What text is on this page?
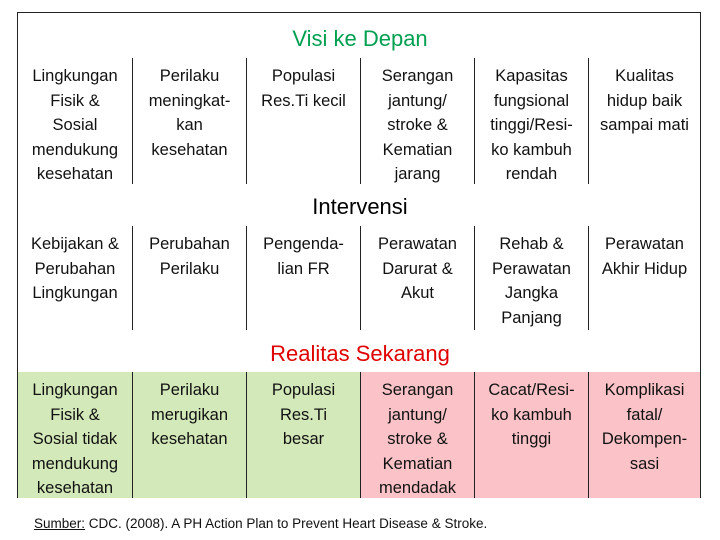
Visi ke Depan
Lingkungan
Fisik &
Sosial
mendukung
kesehatan
Perilaku
meningkat-
kan
kesehatan
Populasi
Res.Ti kecil
Serangan
jantung/
stroke &
Kematian
jarang
Kapasitas
fungsional
tinggi/Resi-
ko kambuh
rendah
Kualitas
hidup baik
sampai mati
Intervensi
Kebijakan &
Perubahan
Lingkungan
Perubahan
Perilaku
Pengenda-
lian FR
Perawatan
Darurat &
Akut
Rehab &
Perawatan
Jangka
Panjang
Perawatan
Akhir Hidup
Realitas Sekarang
Lingkungan
Fisik &
Sosial tidak
mendukung
kesehatan
Perilaku
merugikan
kesehatan
Populasi
Res.Ti
besar
Serangan
jantung/
stroke &
Kematian
mendadak
Cacat/Resi-
ko kambuh
tinggi
Komplikasi
fatal/
Dekompen-
sasi
Sumber: CDC. (2008). A PH Action Plan to Prevent Heart Disease & Stroke.
